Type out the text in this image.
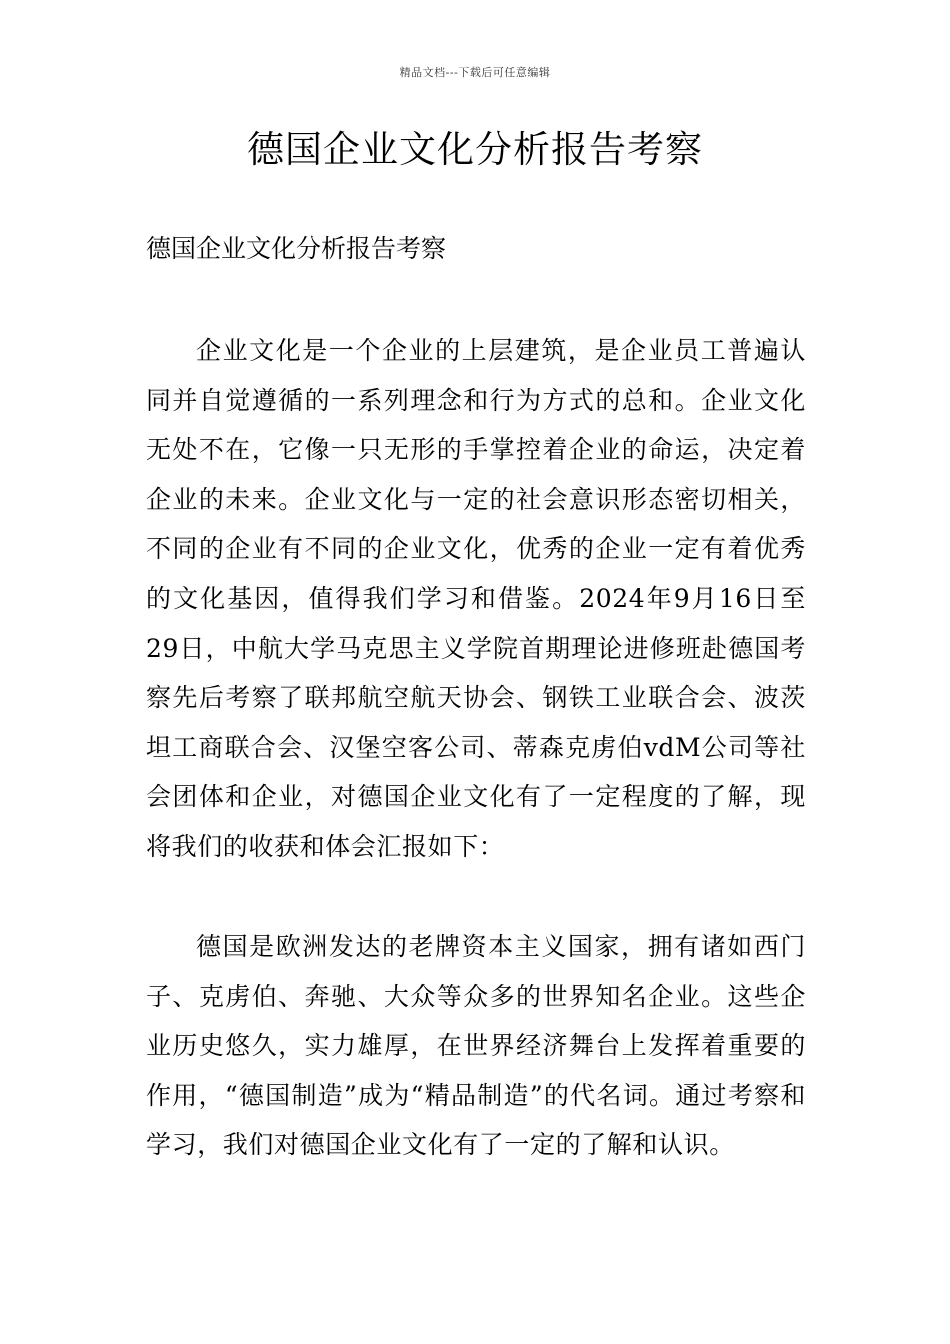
精品文档---下载后可任意编辑
德国企业文化分析报告考察

德国企业文化分析报告考察

企业文化是一个企业的上层建筑，是企业员工普遍认同并自觉遵循的一系列理念和行为方式的总和。企业文化无处不在，它像一只无形的手掌控着企业的命运，决定着企业的未来。企业文化与一定的社会意识形态密切相关，不同的企业有不同的企业文化，优秀的企业一定有着优秀的文化基因，值得我们学习和借鉴。2024年9月16日至29日，中航大学马克思主义学院首期理论进修班赴德国考察先后考察了联邦航空航天协会、钢铁工业联合会、波茨坦工商联合会、汉堡空客公司、蒂森克虏伯vdM公司等社会团体和企业，对德国企业文化有了一定程度的了解，现将我们的收获和体会汇报如下：

德国是欧洲发达的老牌资本主义国家，拥有诸如西门子、克虏伯、奔驰、大众等众多的世界知名企业。这些企业历史悠久，实力雄厚，在世界经济舞台上发挥着重要的作用，“德国制造”成为“精品制造”的代名词。通过考察和学习，我们对德国企业文化有了一定的了解和认识。
